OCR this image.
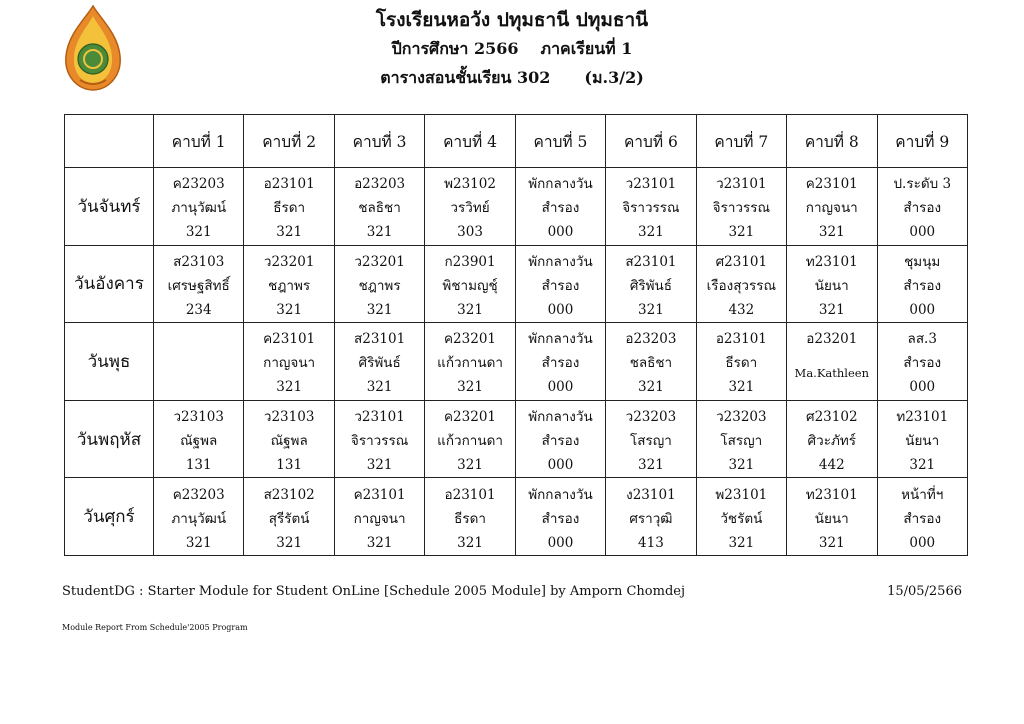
โรงเรียนหอวัง ปทุมธานี ปทุมธานี
ปีการศึกษา 2566 ภาคเรียนที่ 1
ตารางสอนชั้นเรียน 302 (ม.3/2)
	คาบที่ 1	คาบที่ 2	คาบที่ 3	คาบที่ 4	คาบที่ 5	คาบที่ 6	คาบที่ 7	คาบที่ 8	คาบที่ 9
วันจันทร์	ค23203
ภานุวัฒน์
321	อ23101
ธีรดา
321	อ23203
ชลธิชา
321	พ23102
วรวิทย์
303	พักกลางวัน
สำรอง
000	ว23101
จิราวรรณ
321	ว23101
จิราวรรณ
321	ค23101
กาญจนา
321	ป.ระดับ 3
สำรอง
000

วันอังคาร	ส23103
เศรษฐสิทธิ์
234	ว23201
ชฎาพร
321	ว23201
ชฎาพร
321	ก23901
พิชามญชุ์
321	พักกลางวัน
สำรอง
000	ส23101
ศิริพันธ์
321	ศ23101
เรืองสุวรรณ
432	ท23101
นัยนา
321	ชุมนุม
สำรอง
000

วันพุธ		ค23101
กาญจนา
321	ส23101
ศิริพันธ์
321	ค23201
แก้วกานดา
321	พักกลางวัน
สำรอง
000	อ23203
ชลธิชา
321	อ23101
ธีรดา
321	อ23201
Ma.Kathleen	ลส.3
สำรอง
000

วันพฤหัส	ว23103
ณัฐพล
131	ว23103
ณัฐพล
131	ว23101
จิราวรรณ
321	ค23201
แก้วกานดา
321	พักกลางวัน
สำรอง
000	ว23203
โสรญา
321	ว23203
โสรญา
321	ศ23102
ศิวะภัทร์
442	ท23101
นัยนา
321

วันศุกร์	ค23203
ภานุวัฒน์
321	ส23102
สุรีรัตน์
321	ค23101
กาญจนา
321	อ23101
ธีรดา
321	พักกลางวัน
สำรอง
000	ง23101
ศราวุฒิ
413	พ23101
วัชรัตน์
321	ท23101
นัยนา
321	หน้าที่ฯ
สำรอง
000
StudentDG : Starter Module for Student OnLine [Schedule 2005 Module] by Amporn Chomdej	15/05/2566
Module Report From Schedule'2005 Program
